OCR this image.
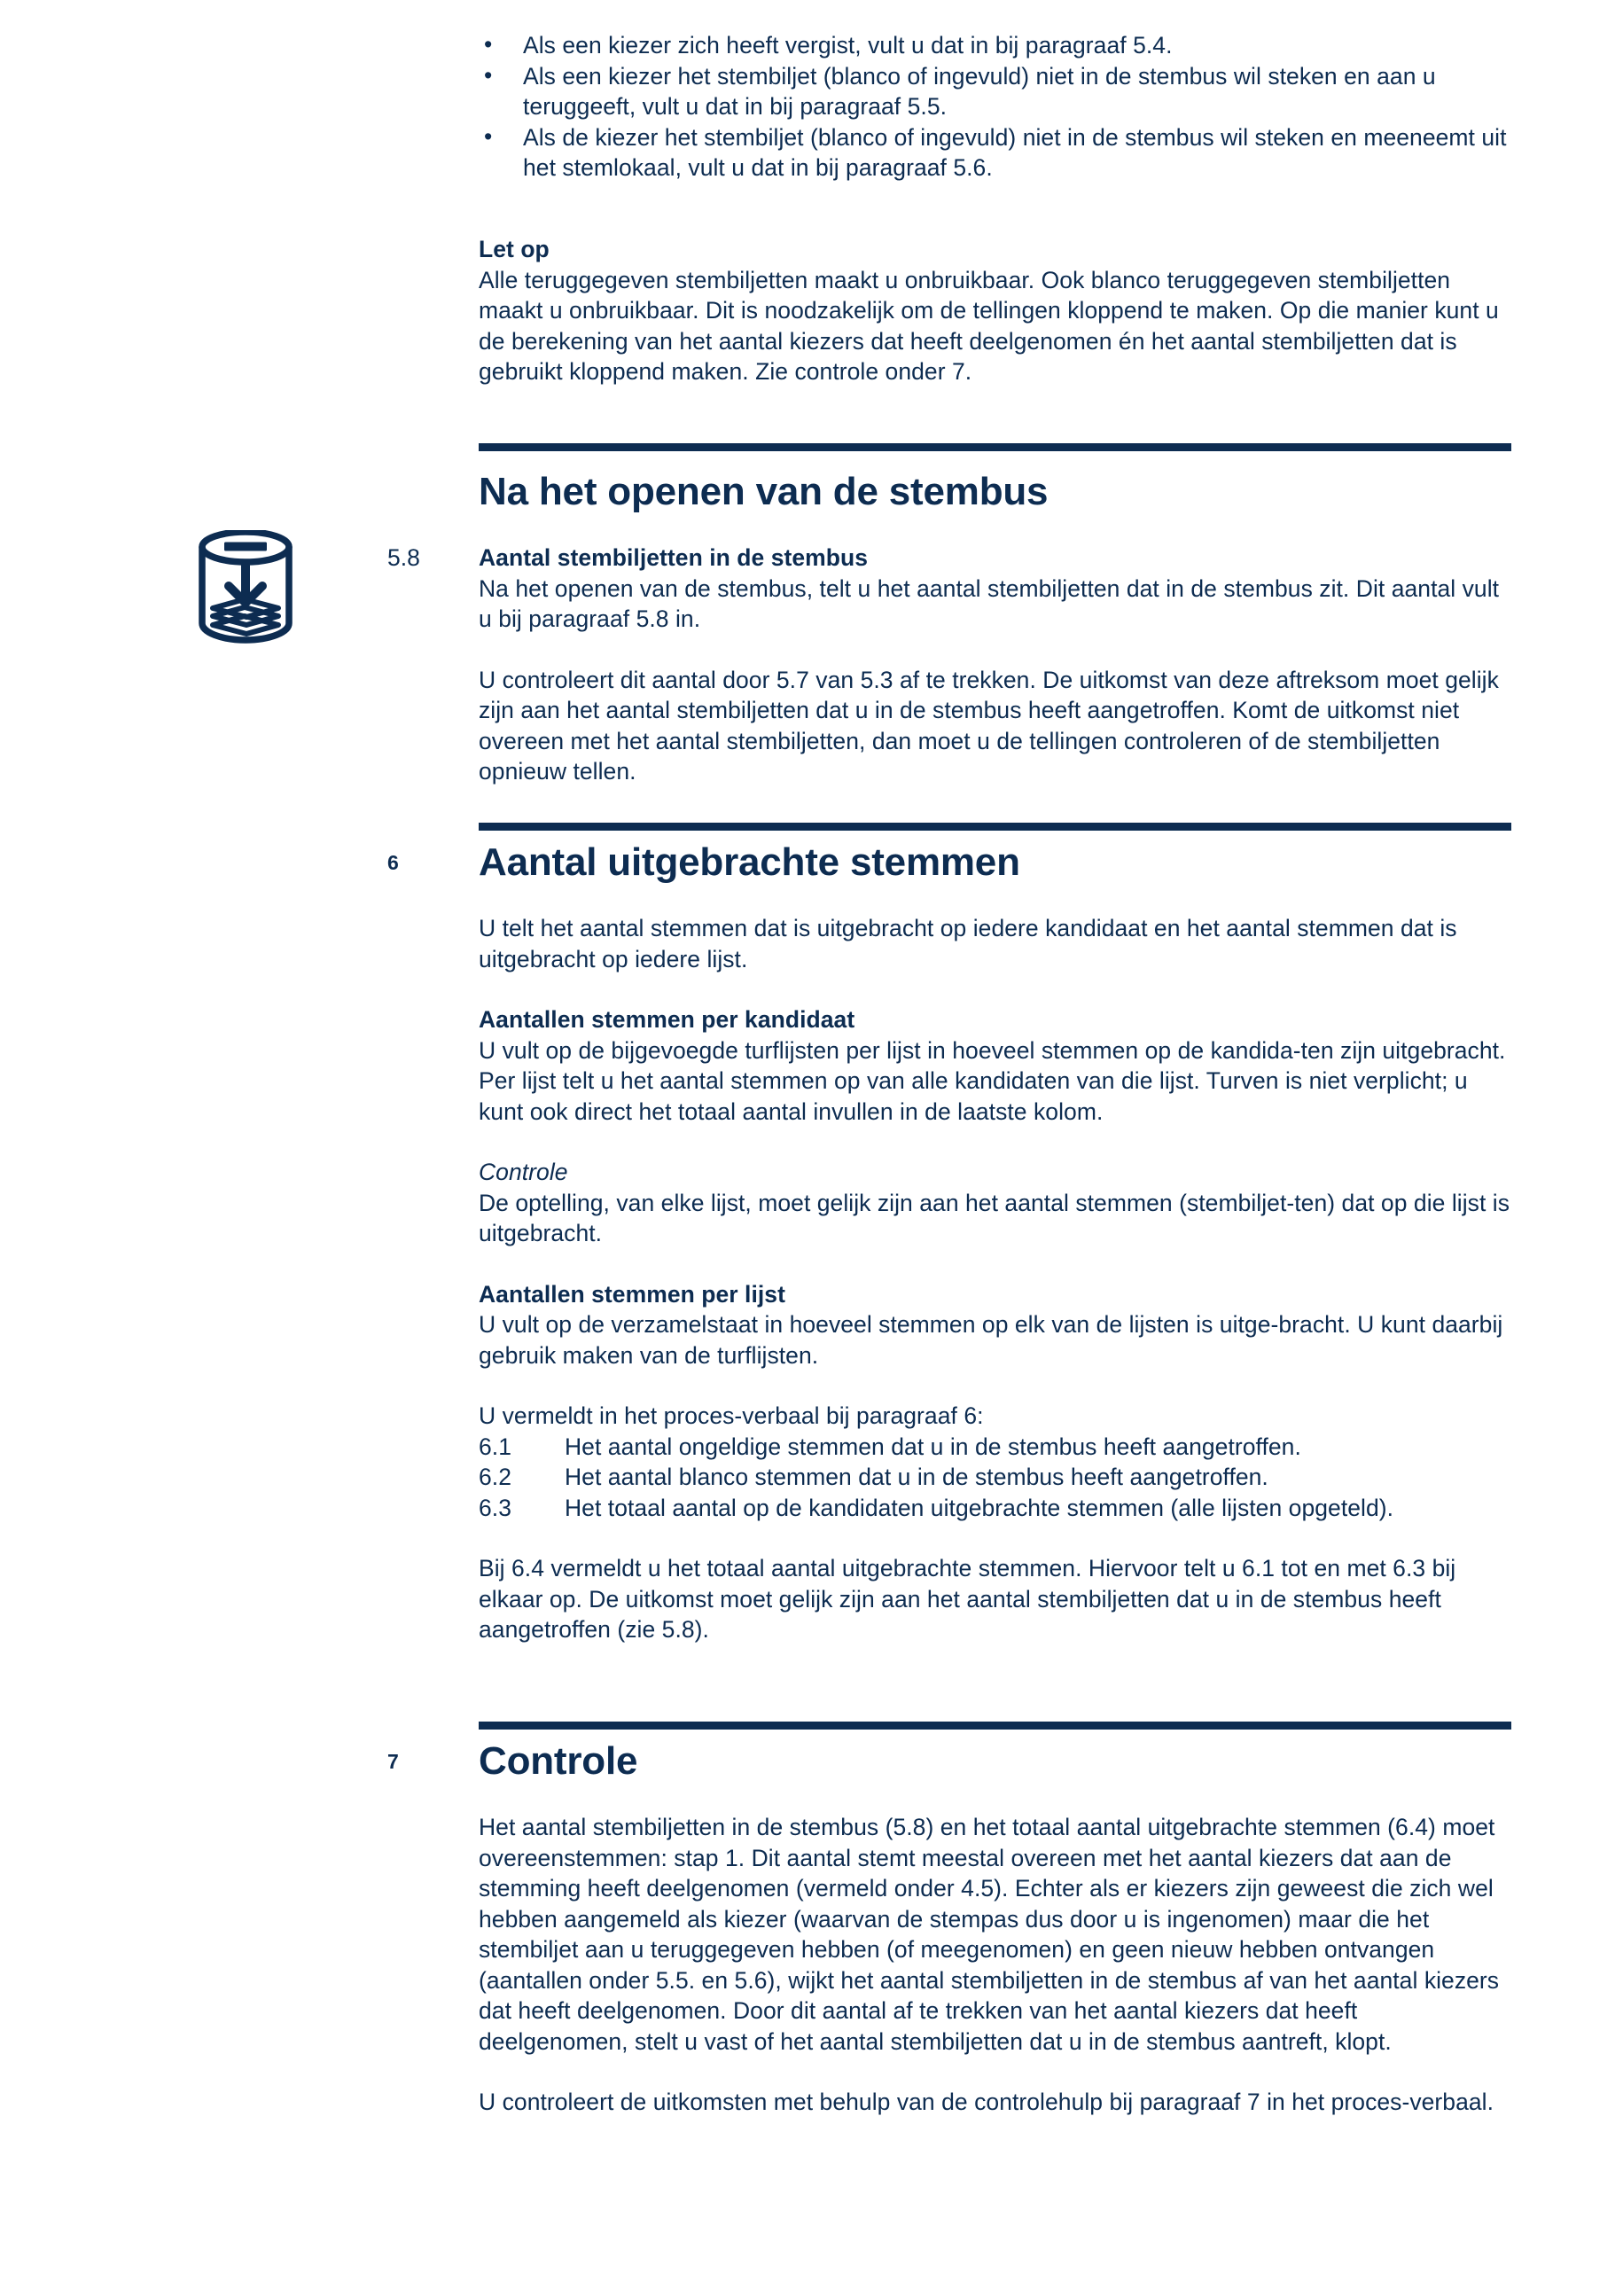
• Als een kiezer zich heeft vergist, vult u dat in bij paragraaf 5.4.
• Als een kiezer het stembiljet (blanco of ingevuld) niet in de stembus wil steken en aan u teruggeeft, vult u dat in bij paragraaf 5.5.
• Als de kiezer het stembiljet (blanco of ingevuld) niet in de stembus wil steken en meeneemt uit het stemlokaal, vult u dat in bij paragraaf 5.6.

Let op

Alle teruggegeven stembiljetten maakt u onbruikbaar. Ook blanco teruggegeven stembiljetten maakt u onbruikbaar. Dit is noodzakelijk om de tellingen kloppend te maken. Op die manier kunt u de berekening van het aantal kiezers dat heeft deelgenomen én het aantal stembiljetten dat is gebruikt kloppend maken. Zie controle onder 7.

Na het openen van de stembus
5.8	Aantal stembiljetten in de stembus

Na het openen van de stembus, telt u het aantal stembiljetten dat in de stembus zit. Dit aantal vult u bij paragraaf 5.8 in.

U controleert dit aantal door 5.7 van 5.3 af te trekken. De uitkomst van deze aftreksom moet gelijk zijn aan het aantal stembiljetten dat u in de stembus heeft aangetroffen. Komt de uitkomst niet overeen met het aantal stembiljetten, dan moet u de tellingen controleren of de stembiljetten opnieuw tellen.

6	Aantal uitgebrachte stemmen

U telt het aantal stemmen dat is uitgebracht op iedere kandidaat en het aantal stemmen dat is uitgebracht op iedere lijst.

Aantallen stemmen per kandidaat

U vult op de bijgevoegde turflijsten per lijst in hoeveel stemmen op de kandida-ten zijn uitgebracht. Per lijst telt u het aantal stemmen op van alle kandidaten van die lijst. Turven is niet verplicht; u kunt ook direct het totaal aantal invullen in de laatste kolom.

Controle

De optelling, van elke lijst, moet gelijk zijn aan het aantal stemmen (stembiljet-ten) dat op die lijst is uitgebracht.

Aantallen stemmen per lijst

U vult op de verzamelstaat in hoeveel stemmen op elk van de lijsten is uitge-bracht. U kunt daarbij gebruik maken van de turflijsten.

U vermeldt in het proces-verbaal bij paragraaf 6:

6.1 Het aantal ongeldige stemmen dat u in de stembus heeft aangetroffen.
6.2 Het aantal blanco stemmen dat u in de stembus heeft aangetroffen.
6.3 Het totaal aantal op de kandidaten uitgebrachte stemmen (alle lijsten opgeteld).

Bij 6.4 vermeldt u het totaal aantal uitgebrachte stemmen. Hiervoor telt u 6.1 tot en met 6.3 bij elkaar op. De uitkomst moet gelijk zijn aan het aantal stembiljetten dat u in de stembus heeft aangetroffen (zie 5.8).

7	Controle

Het aantal stembiljetten in de stembus (5.8) en het totaal aantal uitgebrachte stemmen (6.4) moet overeenstemmen: stap 1. Dit aantal stemt meestal overeen met het aantal kiezers dat aan de stemming heeft deelgenomen (vermeld onder 4.5). Echter als er kiezers zijn geweest die zich wel hebben aangemeld als kiezer (waarvan de stempas dus door u is ingenomen) maar die het stembiljet aan u teruggegeven hebben (of meegenomen) en geen nieuw hebben ontvangen (aantallen onder 5.5. en 5.6), wijkt het aantal stembiljetten in de stembus af van het aantal kiezers dat heeft deelgenomen. Door dit aantal af te trekken van het aantal kiezers dat heeft deelgenomen, stelt u vast of het aantal stembiljetten dat u in de stembus aantreft, klopt.

U controleert de uitkomsten met behulp van de controlehulp bij paragraaf 7 in het proces-verbaal.
